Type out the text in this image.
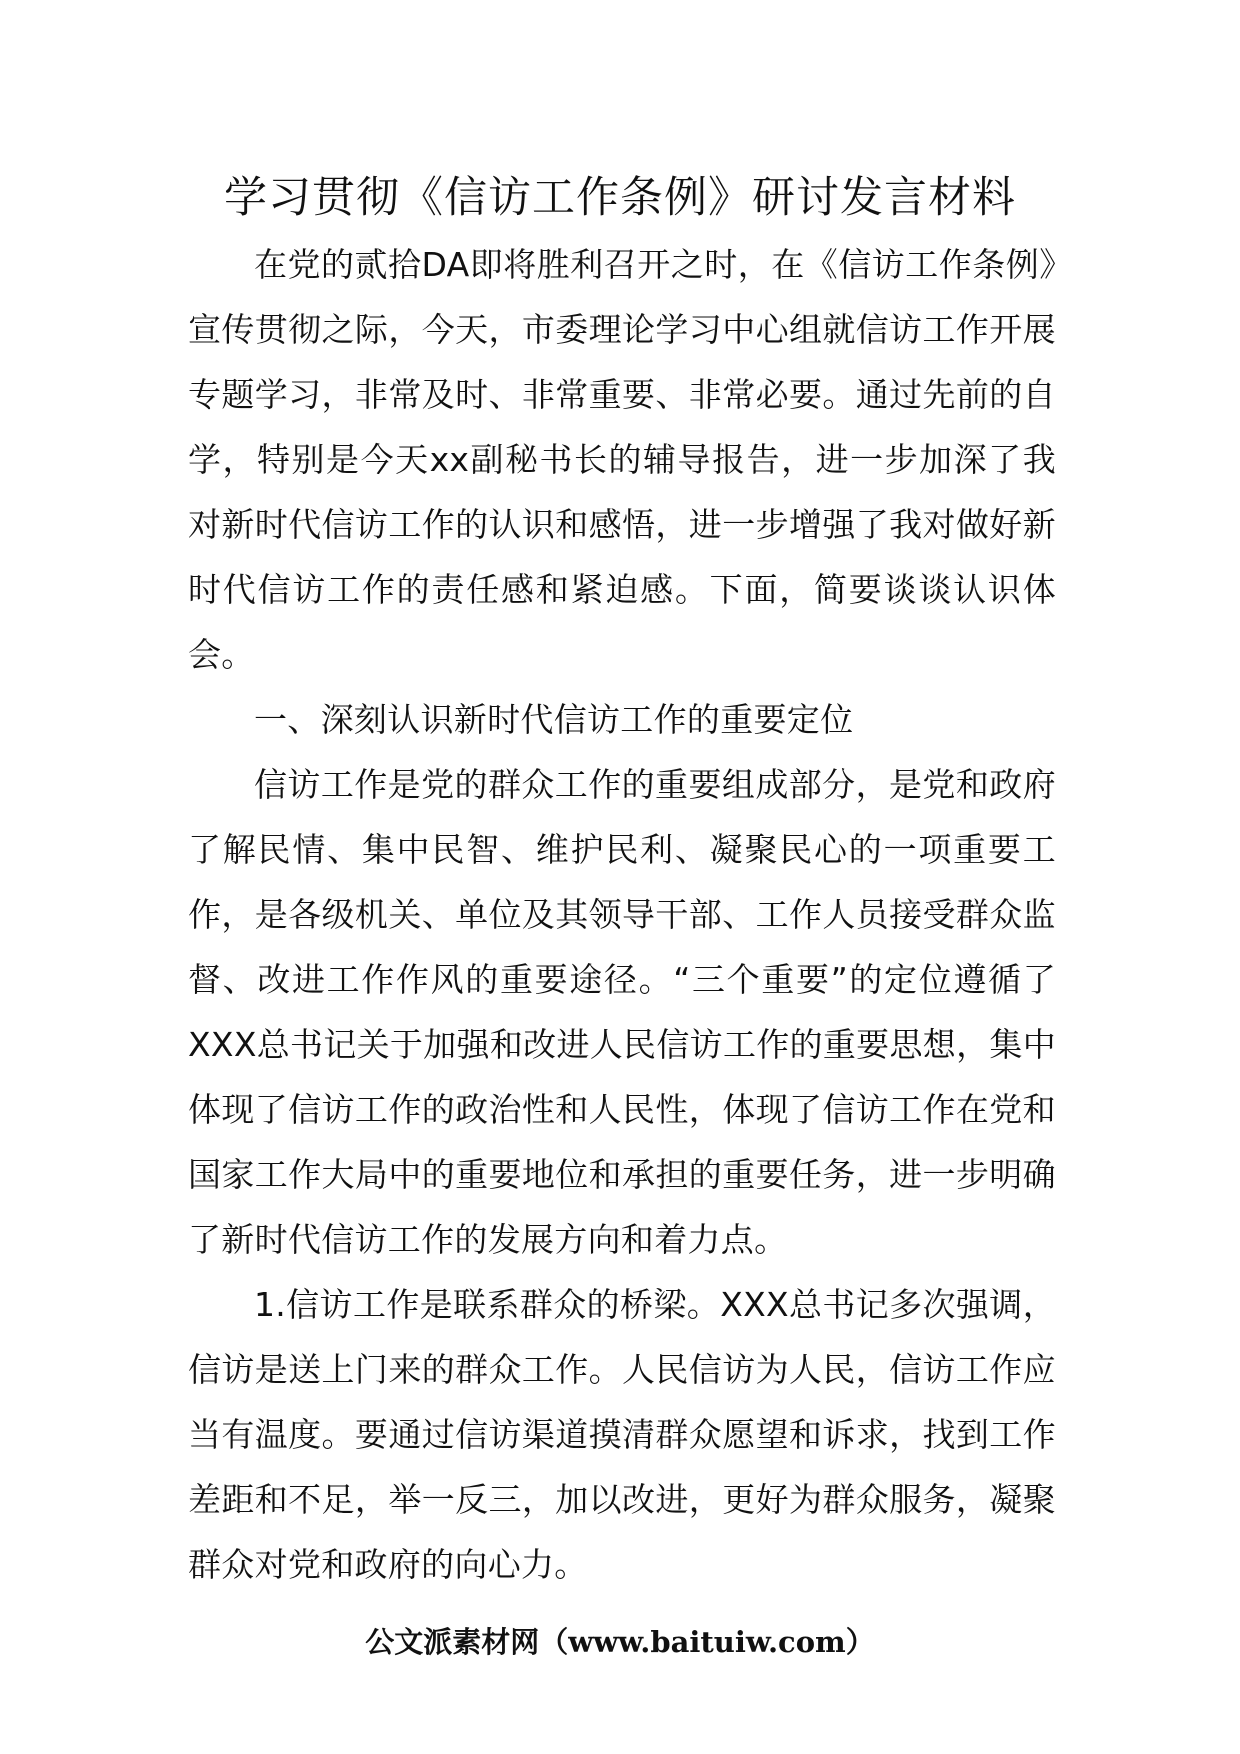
学习贯彻《信访工作条例》研讨发言材料

在党的贰拾DA即将胜利召开之时，在《信访工作条例》宣传贯彻之际，今天，市委理论学习中心组就信访工作开展专题学习，非常及时、非常重要、非常必要。通过先前的自学，特别是今天xx副秘书长的辅导报告，进一步加深了我对新时代信访工作的认识和感悟，进一步增强了我对做好新时代信访工作的责任感和紧迫感。下面，简要谈谈认识体会。

一、深刻认识新时代信访工作的重要定位

信访工作是党的群众工作的重要组成部分，是党和政府了解民情、集中民智、维护民利、凝聚民心的一项重要工作，是各级机关、单位及其领导干部、工作人员接受群众监督、改进工作作风的重要途径。“三个重要”的定位遵循了XXX总书记关于加强和改进人民信访工作的重要思想，集中体现了信访工作的政治性和人民性，体现了信访工作在党和国家工作大局中的重要地位和承担的重要任务，进一步明确了新时代信访工作的发展方向和着力点。

1.信访工作是联系群众的桥梁。XXX总书记多次强调，信访是送上门来的群众工作。人民信访为人民，信访工作应当有温度。要通过信访渠道摸清群众愿望和诉求，找到工作差距和不足，举一反三，加以改进，更好为群众服务，凝聚群众对党和政府的向心力。

公文派素材网（www.baituiw.com）
